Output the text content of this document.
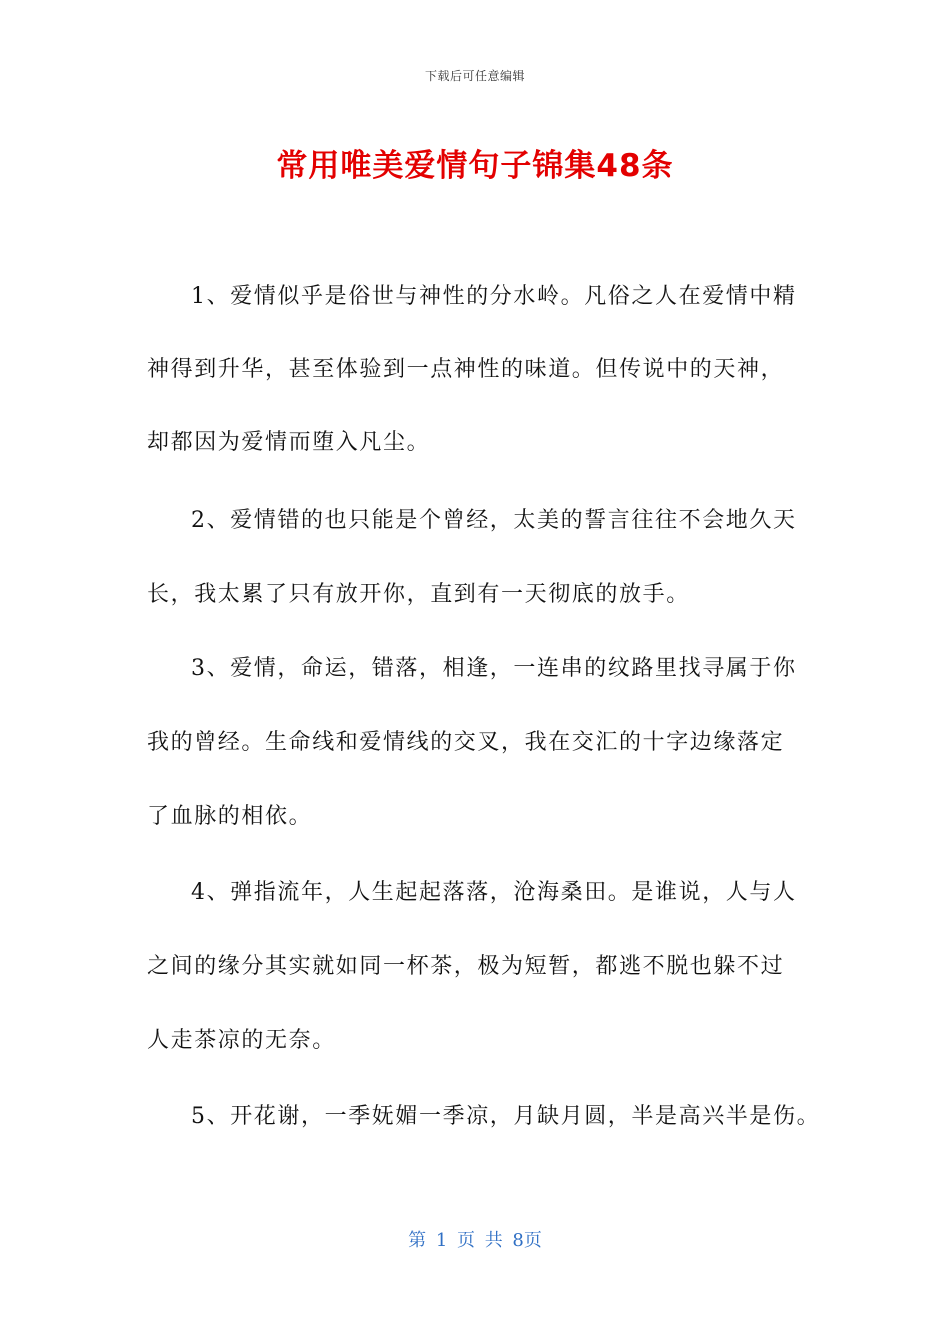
下载后可任意编辑
常用唯美爱情句子锦集48条
1、爱情似乎是俗世与神性的分水岭。凡俗之人在爱情中精
神得到升华，甚至体验到一点神性的味道。但传说中的天神，
却都因为爱情而堕入凡尘。
2、爱情错的也只能是个曾经，太美的誓言往往不会地久天
长，我太累了只有放开你，直到有一天彻底的放手。
3、爱情，命运，错落，相逢，一连串的纹路里找寻属于你
我的曾经。生命线和爱情线的交叉，我在交汇的十字边缘落定
了血脉的相依。
4、弹指流年，人生起起落落，沧海桑田。是谁说，人与人
之间的缘分其实就如同一杯茶，极为短暂，都逃不脱也躲不过
人走茶凉的无奈。
5、开花谢，一季妩媚一季凉，月缺月圆，半是高兴半是伤。
第 1 页 共 8页
